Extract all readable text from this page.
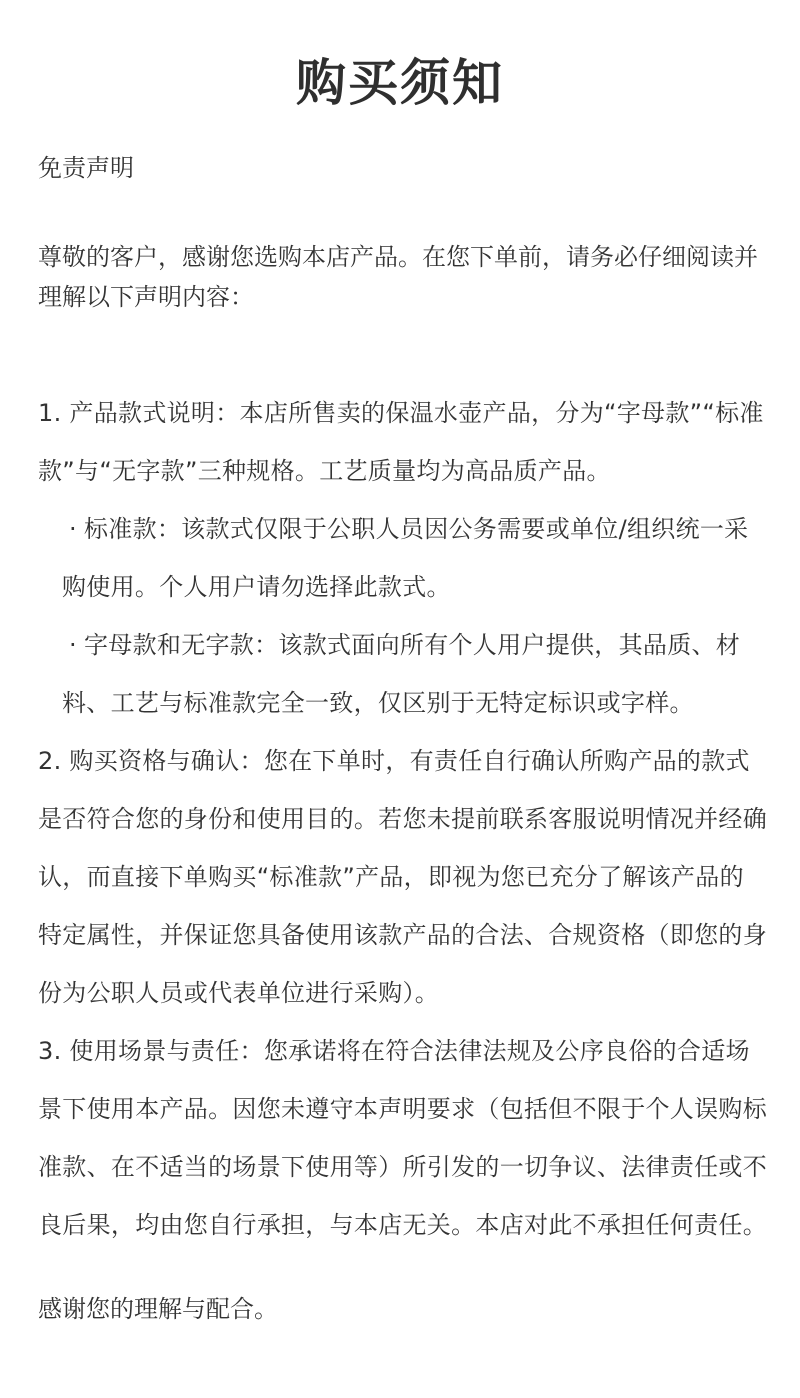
购买须知
免责声明

尊敬的客户，感谢您选购本店产品。在您下单前，请务必仔细阅读并理解以下声明内容：

1. 产品款式说明：本店所售卖的保温水壶产品，分为“字母款”“标准款”与“无字款”三种规格。工艺质量均为高品质产品。

· 标准款：该款式仅限于公职人员因公务需要或单位/组织统一采购使用。个人用户请勿选择此款式。

· 字母款和无字款：该款式面向所有个人用户提供，其品质、材料、工艺与标准款完全一致，仅区别于无特定标识或字样。

2. 购买资格与确认：您在下单时，有责任自行确认所购产品的款式是否符合您的身份和使用目的。若您未提前联系客服说明情况并经确认，而直接下单购买“标准款”产品，即视为您已充分了解该产品的特定属性，并保证您具备使用该款产品的合法、合规资格（即您的身份为公职人员或代表单位进行采购）。

3. 使用场景与责任：您承诺将在符合法律法规及公序良俗的合适场景下使用本产品。因您未遵守本声明要求（包括但不限于个人误购标准款、在不适当的场景下使用等）所引发的一切争议、法律责任或不良后果，均由您自行承担，与本店无关。本店对此不承担任何责任。

感谢您的理解与配合。
